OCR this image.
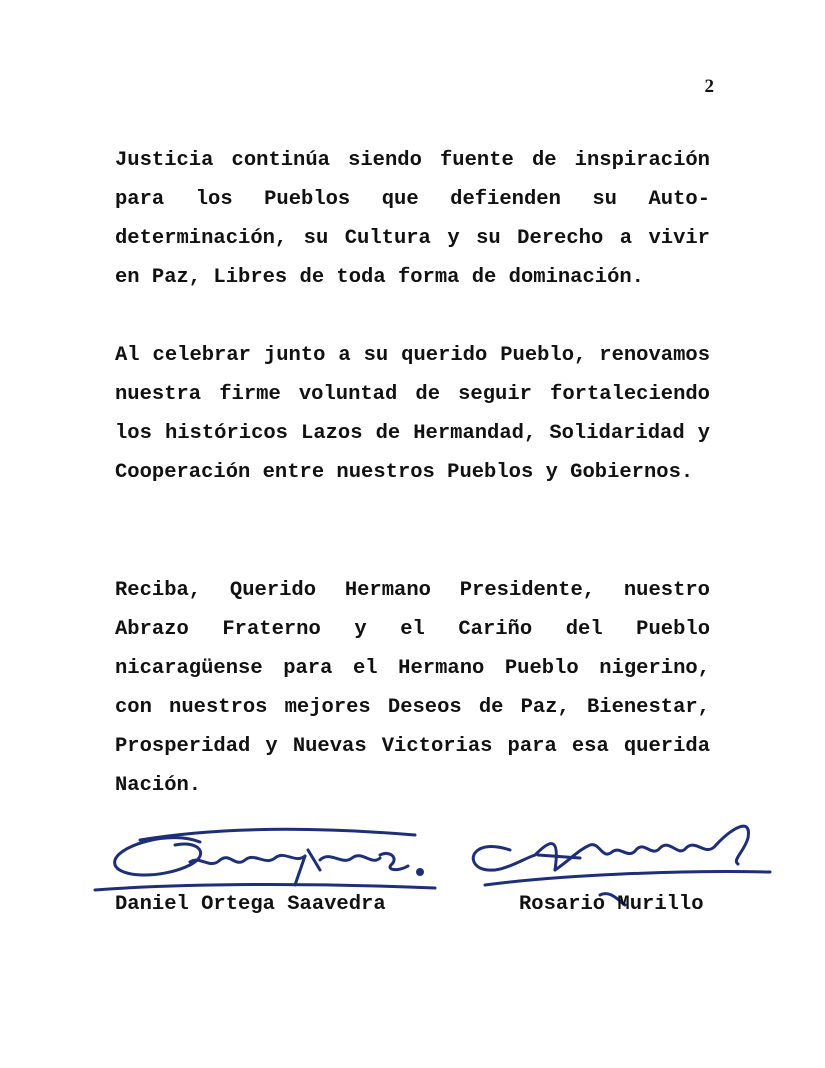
2

Justicia continúa siendo fuente de inspiración para los Pueblos que defienden su Auto-determinación, su Cultura y su Derecho a vivir en Paz, Libres de toda forma de dominación.

Al celebrar junto a su querido Pueblo, renovamos nuestra firme voluntad de seguir fortaleciendo los históricos Lazos de Hermandad, Solidaridad y Cooperación entre nuestros Pueblos y Gobiernos.

Reciba, Querido Hermano Presidente, nuestro Abrazo Fraterno y el Cariño del Pueblo nicaragüense para el Hermano Pueblo nigerino, con nuestros mejores Deseos de Paz, Bienestar, Prosperidad y Nuevas Victorias para esa querida Nación.

Daniel Ortega Saavedra	Rosario Murillo
